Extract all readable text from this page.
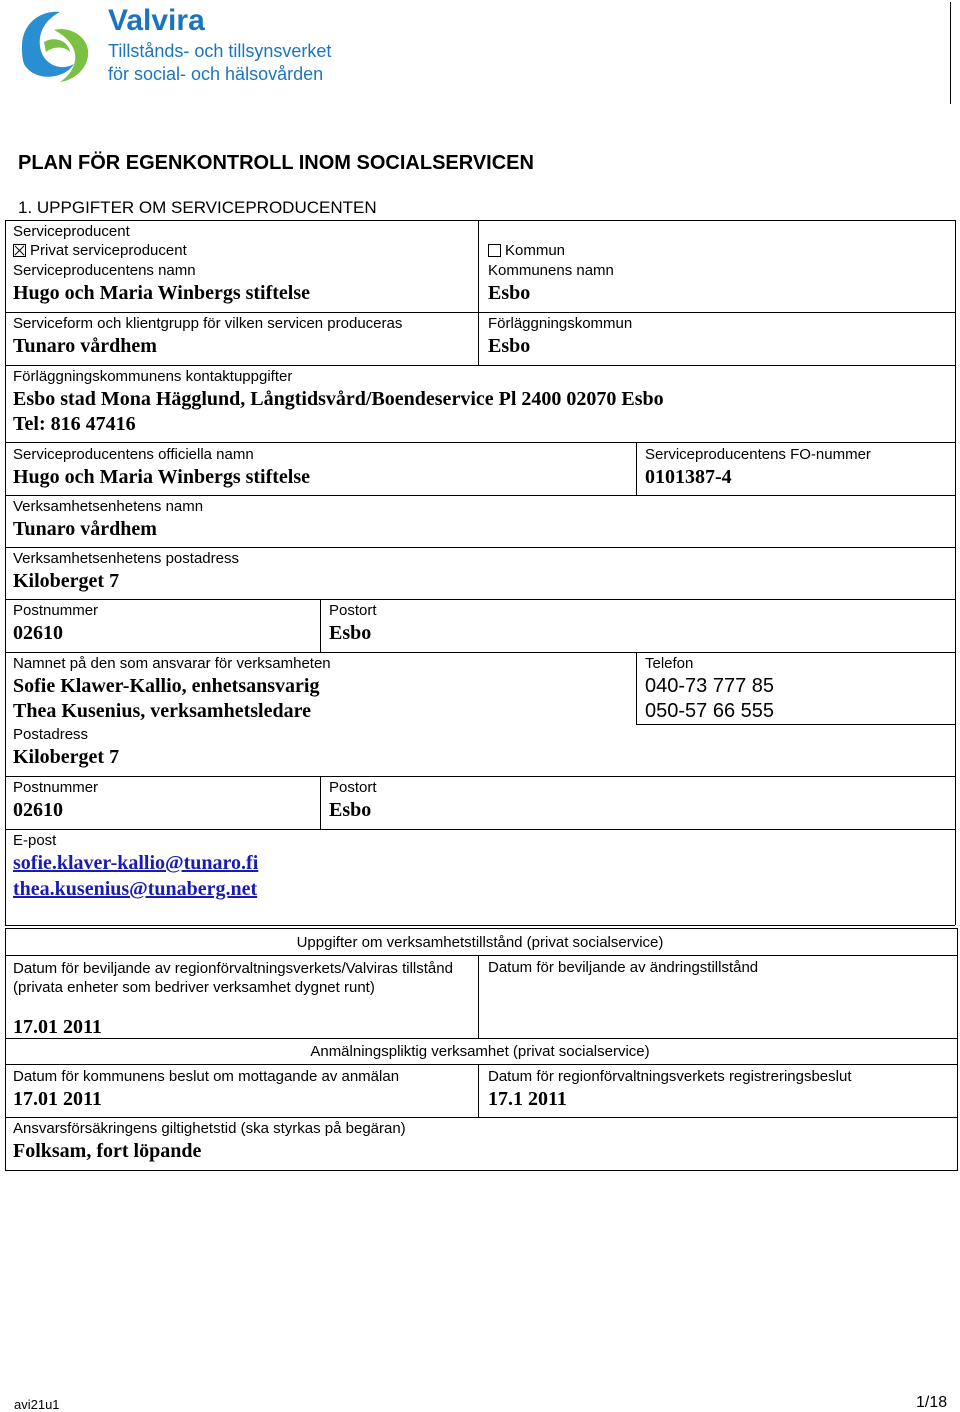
Valvira
Tillstånds- och tillsynsverket
för social- och hälsovården
PLAN FÖR EGENKONTROLL INOM SOCIALSERVICEN
1. UPPGIFTER OM SERVICEPRODUCENTEN
Serviceproducent
Privat serviceproducent	Kommun
Serviceproducentens namn
Hugo och Maria Winbergs stiftelse
Kommunens namn
Esbo
Serviceform och klientgrupp för vilken servicen produceras
Tunaro vårdhem
Förläggningskommun
Esbo
Förläggningskommunens kontaktuppgifter
Esbo stad Mona Hägglund, Långtidsvård/Boendeservice Pl 2400 02070 Esbo
Tel: 816 47416
Serviceproducentens officiella namn
Hugo och Maria Winbergs stiftelse
Serviceproducentens FO-nummer
0101387-4
Verksamhetsenhetens namn
Tunaro vårdhem
Verksamhetsenhetens postadress
Kiloberget 7
Postnummer
02610
Postort
Esbo
Namnet på den som ansvarar för verksamheten
Sofie Klawer-Kallio, enhetsansvarig
Thea Kusenius, verksamhetsledare
Telefon
040-73 777 85
050-57 66 555
Postadress
Kiloberget 7
Postnummer
02610
Postort
Esbo
E-post
sofie.klaver-kallio@tunaro.fi
thea.kusenius@tunaberg.net
Uppgifter om verksamhetstillstånd (privat socialservice)
Datum för beviljande av regionförvaltningsverkets/Valviras tillstånd (privata enheter som bedriver verksamhet dygnet runt)
17.01 2011
Datum för beviljande av ändringstillstånd
Anmälningspliktig verksamhet (privat socialservice)
Datum för kommunens beslut om mottagande av anmälan
17.01 2011
Datum för regionförvaltningsverkets registreringsbeslut
17.1 2011
Ansvarsförsäkringens giltighetstid (ska styrkas på begäran)
Folksam, fort löpande
avi21u1	1/18
